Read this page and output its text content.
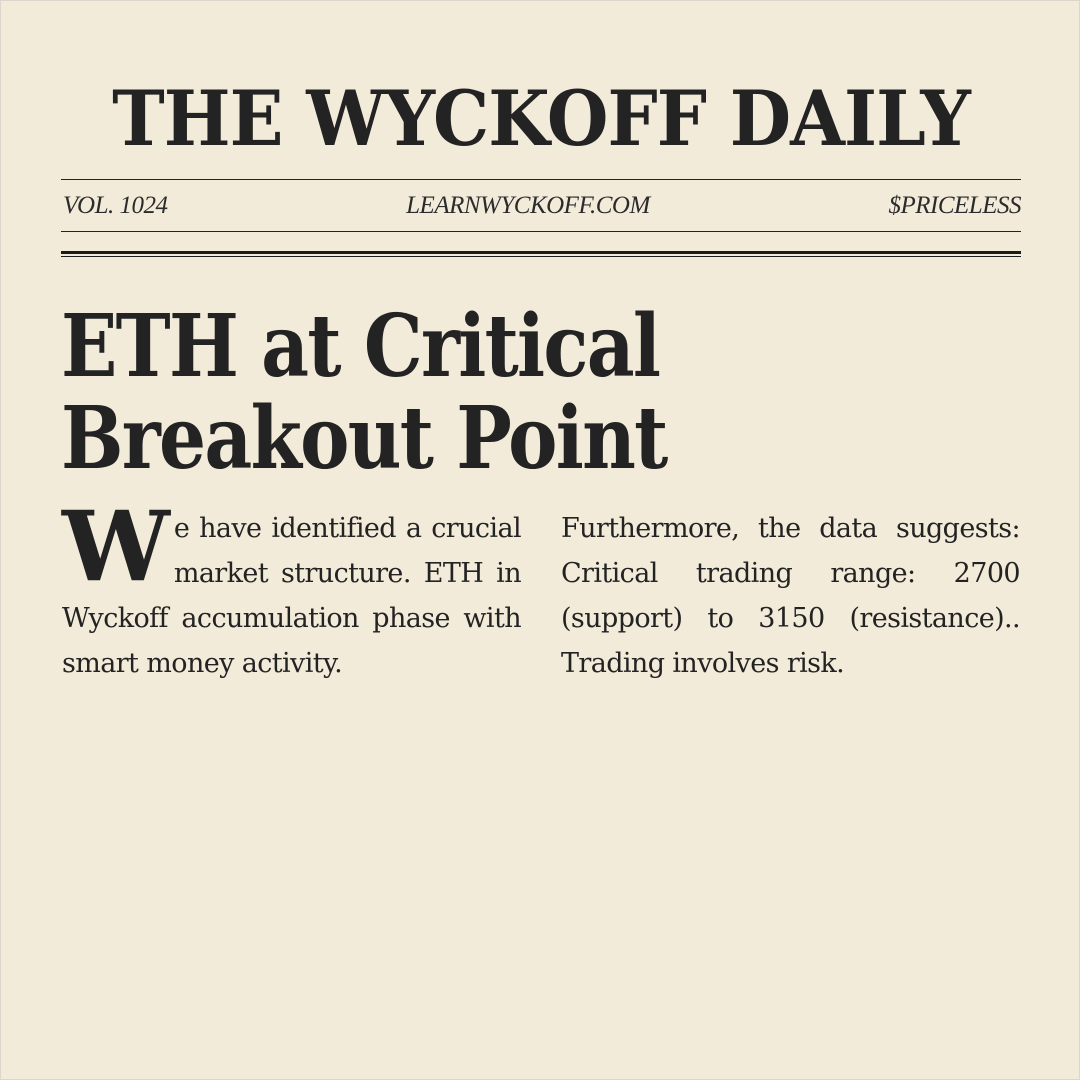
THE WYCKOFF DAILY
VOL. 1024	LEARNWYCKOFF.COM	$PRICELESS
ETH at Critical
Breakout Point

We have identified a crucial market structure. ETH in Wyckoff accumulation phase with smart money activity.

Furthermore, the data suggests: Critical trading range: 2700 (support) to 3150 (resistance).. Trading involves risk.
